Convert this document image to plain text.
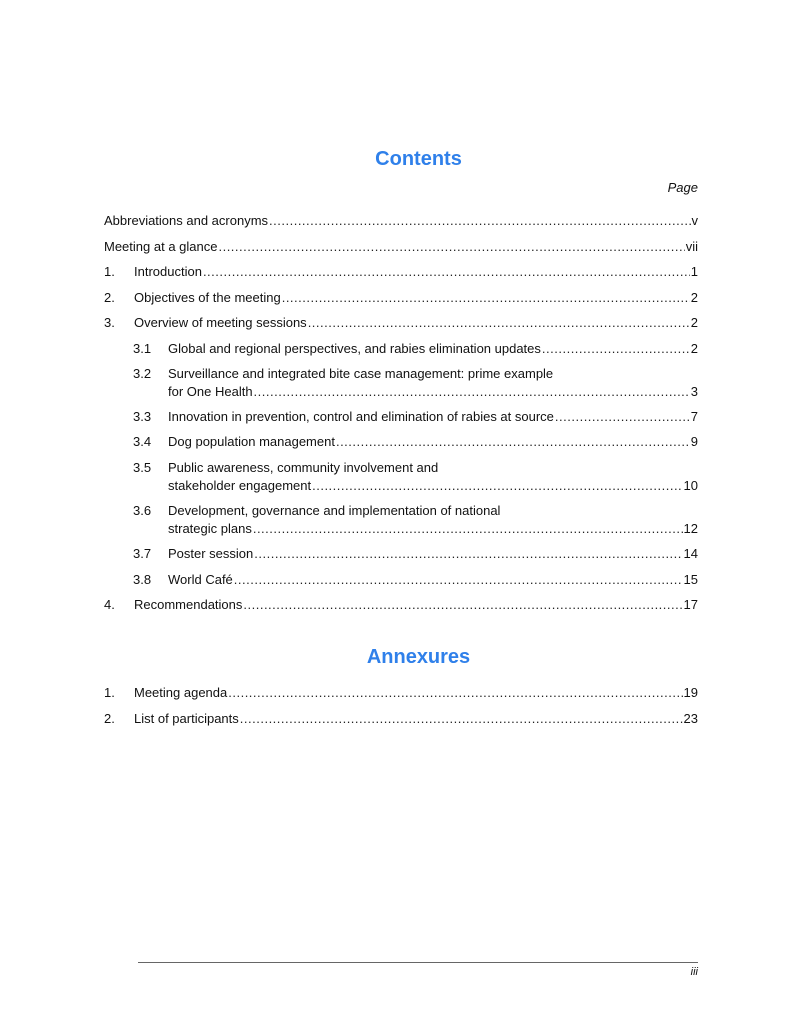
Contents
Page
Abbreviations and acronyms .....	v
Meeting at a glance .....	vii
1.	Introduction .....	1
2.	Objectives of the meeting .....	2
3.	Overview of meeting sessions .....	2
3.1	Global and regional perspectives, and rabies elimination updates .....	2
3.2 Surveillance and integrated bite case management: prime example
for One Health .....	3
3.3	Innovation in prevention, control and elimination of rabies at source .....	7
3.4	Dog population management .....	9
3.5 Public awareness, community involvement and
stakeholder engagement .....	10
3.6 Development, governance and implementation of national
strategic plans .....	12
3.7	Poster session .....	14
3.8	World Café .....	15
4.	Recommendations .....	17
Annexures
1.	Meeting agenda .....	19
2.	List of participants .....	23
iii
